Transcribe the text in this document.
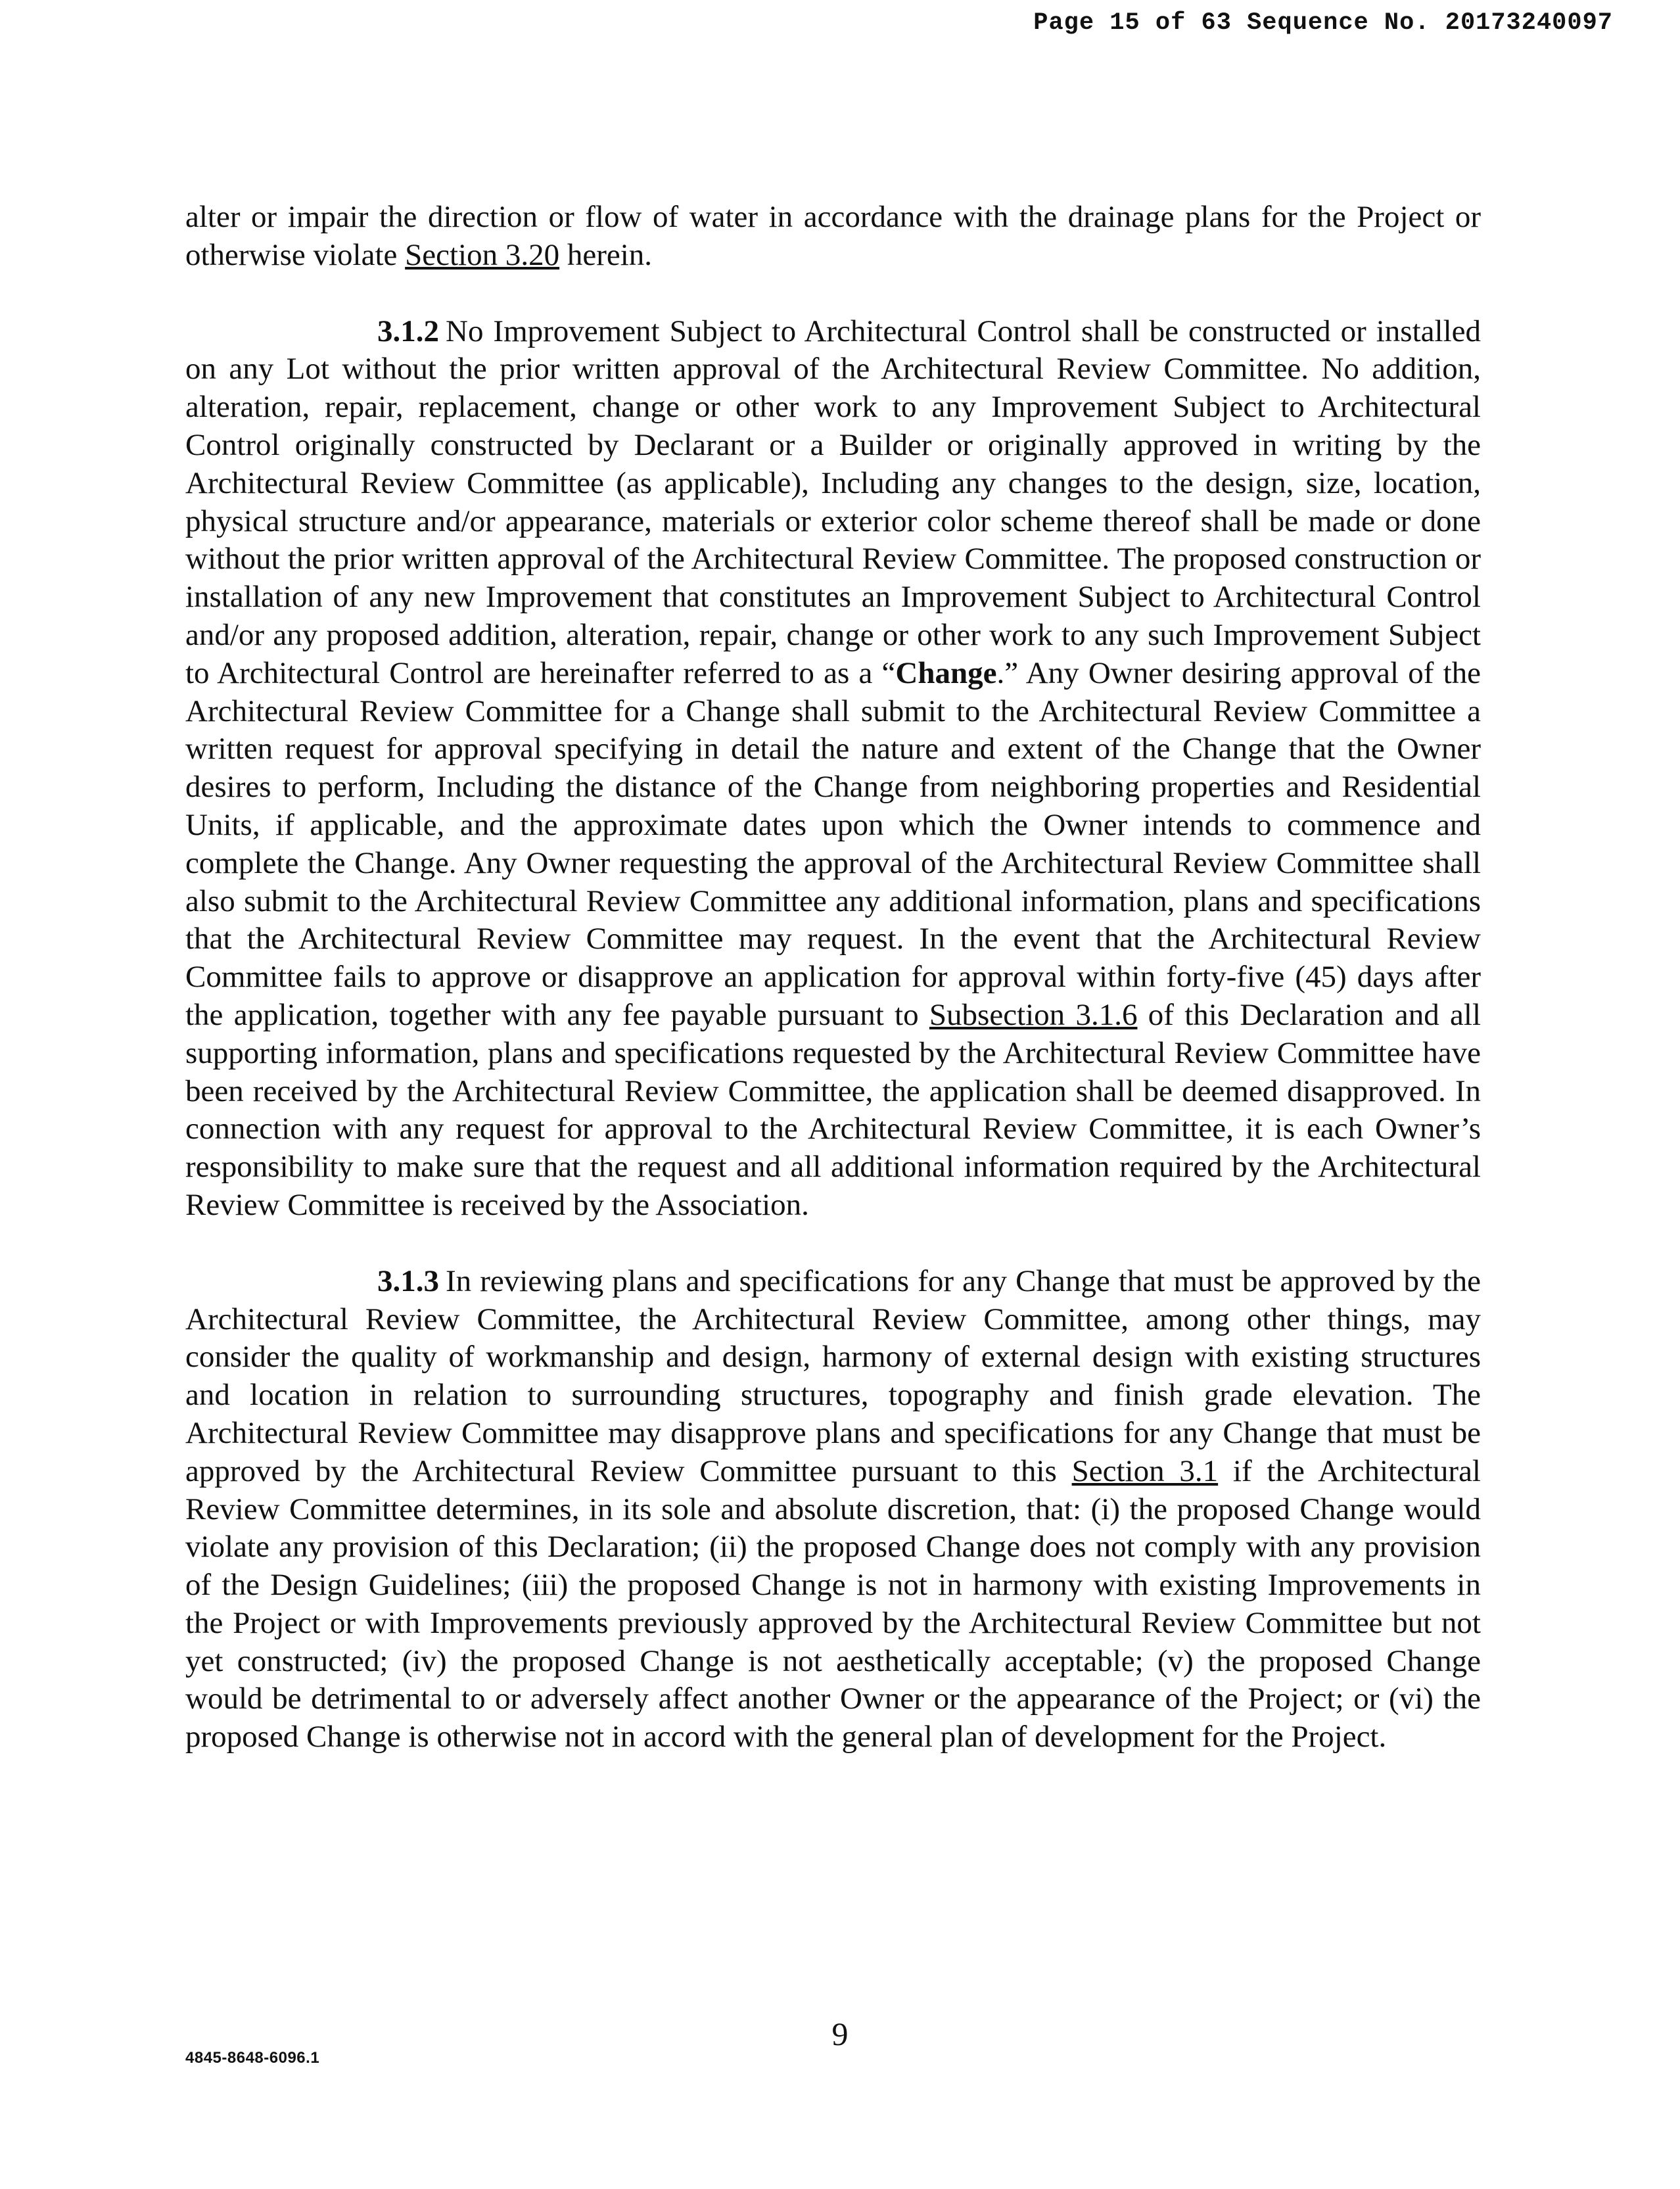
Page 15 of 63 Sequence No. 20173240097

alter or impair the direction or flow of water in accordance with the drainage plans for the Project or otherwise violate Section 3.20 herein.

3.1.2 No Improvement Subject to Architectural Control shall be constructed or installed on any Lot without the prior written approval of the Architectural Review Committee. No addition, alteration, repair, replacement, change or other work to any Improvement Subject to Architectural Control originally constructed by Declarant or a Builder or originally approved in writing by the Architectural Review Committee (as applicable), Including any changes to the design, size, location, physical structure and/or appearance, materials or exterior color scheme thereof shall be made or done without the prior written approval of the Architectural Review Committee. The proposed construction or installation of any new Improvement that constitutes an Improvement Subject to Architectural Control and/or any proposed addition, alteration, repair, change or other work to any such Improvement Subject to Architectural Control are hereinafter referred to as a “Change.” Any Owner desiring approval of the Architectural Review Committee for a Change shall submit to the Architectural Review Committee a written request for approval specifying in detail the nature and extent of the Change that the Owner desires to perform, Including the distance of the Change from neighboring properties and Residential Units, if applicable, and the approximate dates upon which the Owner intends to commence and complete the Change. Any Owner requesting the approval of the Architectural Review Committee shall also submit to the Architectural Review Committee any additional information, plans and specifications that the Architectural Review Committee may request. In the event that the Architectural Review Committee fails to approve or disapprove an application for approval within forty-five (45) days after the application, together with any fee payable pursuant to Subsection 3.1.6 of this Declaration and all supporting information, plans and specifications requested by the Architectural Review Committee have been received by the Architectural Review Committee, the application shall be deemed disapproved. In connection with any request for approval to the Architectural Review Committee, it is each Owner’s responsibility to make sure that the request and all additional information required by the Architectural Review Committee is received by the Association.

3.1.3 In reviewing plans and specifications for any Change that must be approved by the Architectural Review Committee, the Architectural Review Committee, among other things, may consider the quality of workmanship and design, harmony of external design with existing structures and location in relation to surrounding structures, topography and finish grade elevation. The Architectural Review Committee may disapprove plans and specifications for any Change that must be approved by the Architectural Review Committee pursuant to this Section 3.1 if the Architectural Review Committee determines, in its sole and absolute discretion, that: (i) the proposed Change would violate any provision of this Declaration; (ii) the proposed Change does not comply with any provision of the Design Guidelines; (iii) the proposed Change is not in harmony with existing Improvements in the Project or with Improvements previously approved by the Architectural Review Committee but not yet constructed; (iv) the proposed Change is not aesthetically acceptable; (v) the proposed Change would be detrimental to or adversely affect another Owner or the appearance of the Project; or (vi) the proposed Change is otherwise not in accord with the general plan of development for the Project.

9
4845-8648-6096.1
